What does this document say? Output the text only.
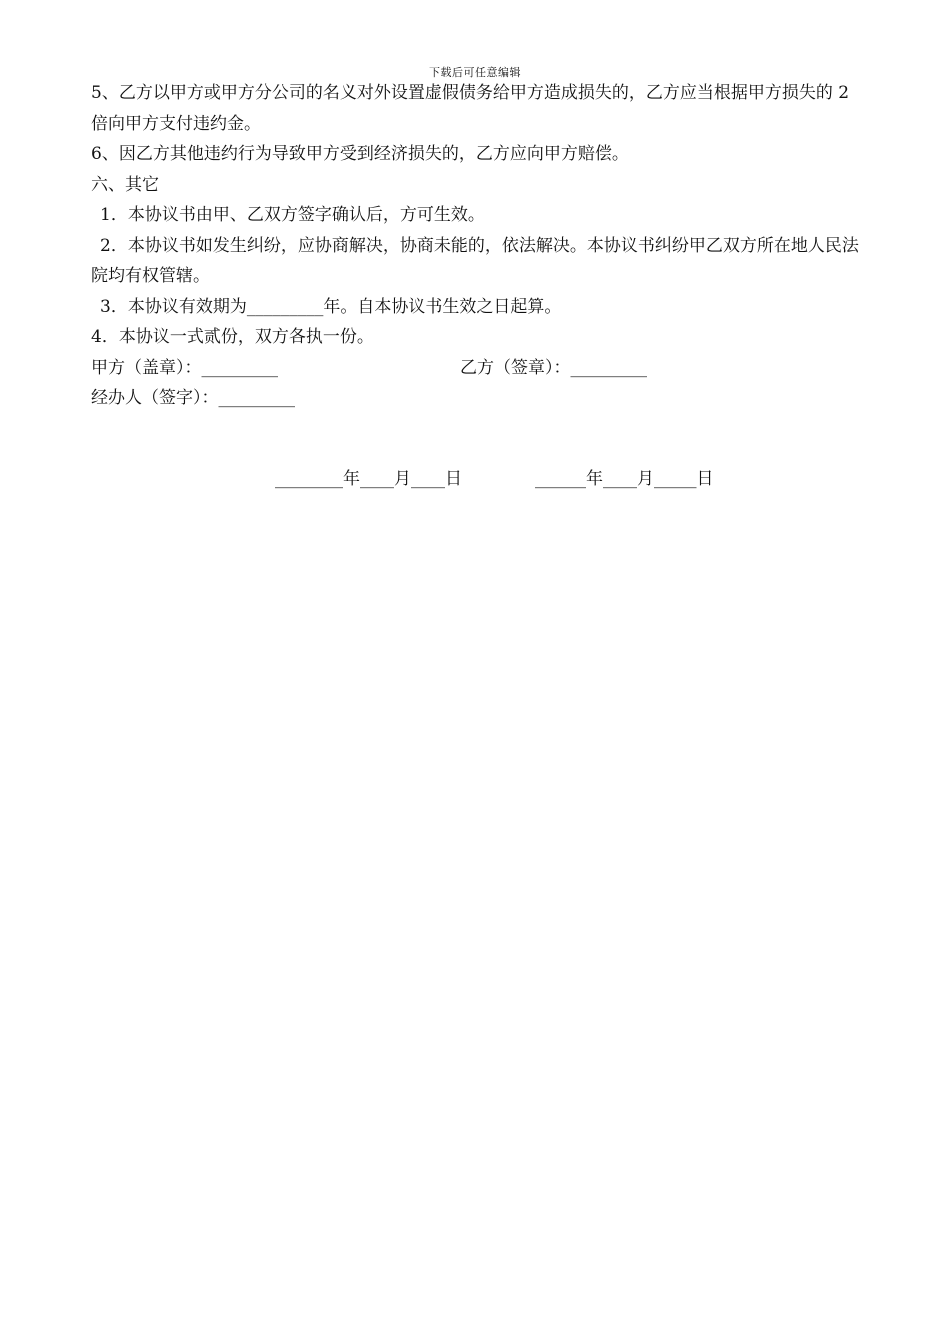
下载后可任意编辑

5、乙方以甲方或甲方分公司的名义对外设置虚假债务给甲方造成损失的，乙方应当根据甲方损失的 2 倍向甲方支付违约金。

6、因乙方其他违约行为导致甲方受到经济损失的，乙方应向甲方赔偿。

六、其它

1．本协议书由甲、乙双方签字确认后，方可生效。

2．本协议书如发生纠纷，应协商解决，协商未能的，依法解决。本协议书纠纷甲乙双方所在地人民法院均有权管辖。

3．本协议有效期为_________年。自本协议书生效之日起算。

4．本协议一式贰份，双方各执一份。

甲方（盖章）：_________	乙方（签章）：_________

经办人（签字）：_________

________年____月____日	______年____月_____日
